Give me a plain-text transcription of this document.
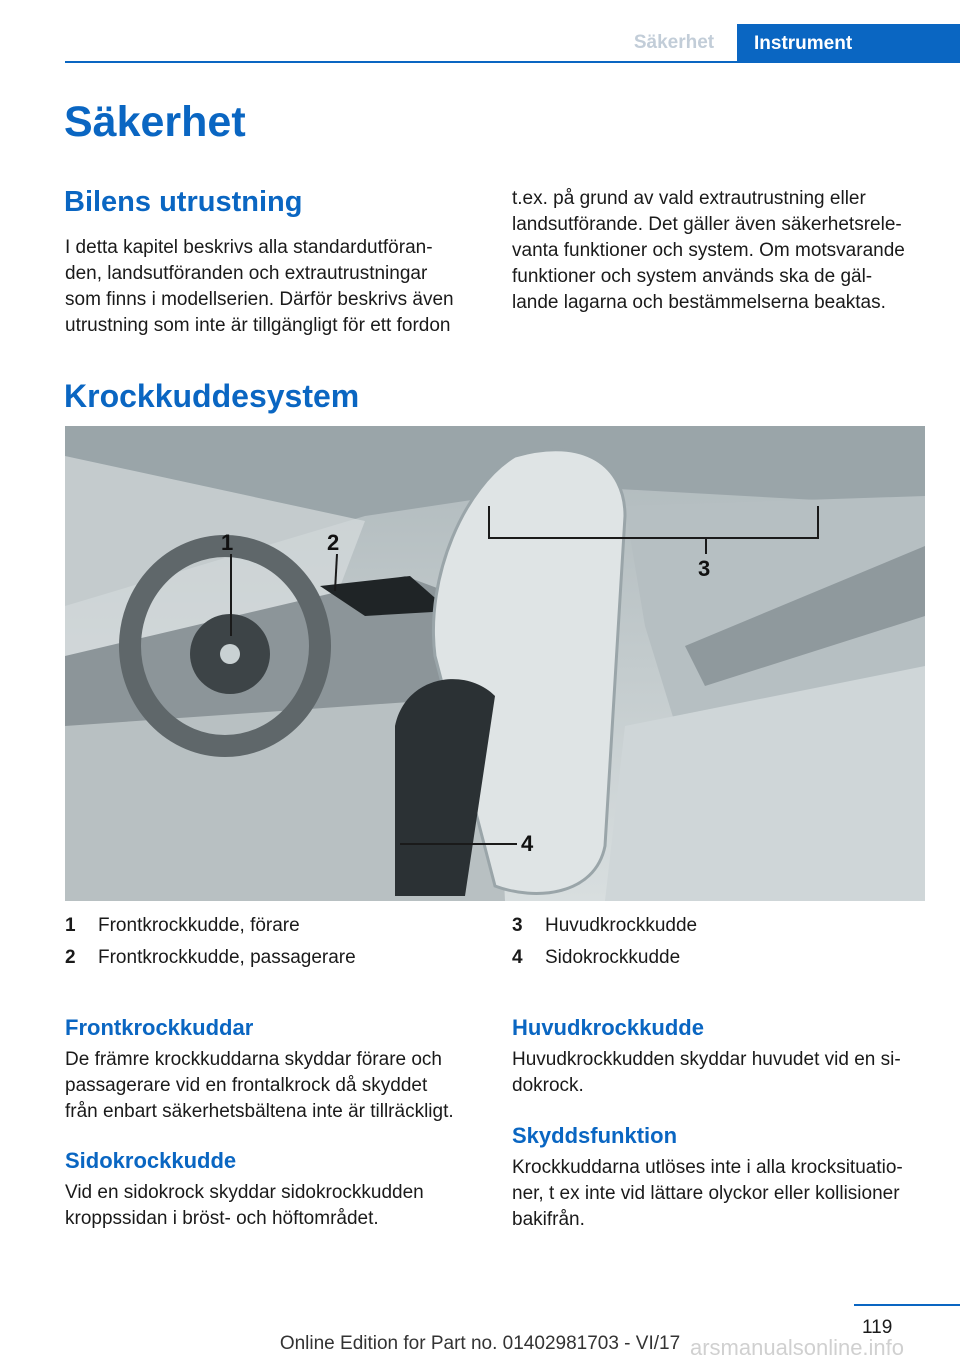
Säkerhet	Instrument
Säkerhet
Bilens utrustning

I detta kapitel beskrivs alla standardutföran-
den, landsutföranden och extrautrustningar
som finns i modellserien. Därför beskrivs även
utrustning som inte är tillgängligt för ett fordon

t.ex. på grund av vald extrautrustning eller
landsutförande. Det gäller även säkerhetsrele-
vanta funktioner och system. Om motsvarande
funktioner och system används ska de gäl-
lande lagarna och bestämmelserna beaktas.

Krockkuddesystem
1	2
3
4
1	Frontkrockkudde, förare
2	Frontkrockkudde, passagerare
3	Huvudkrockkudde
4	Sidokrockkudde
Frontkrockkuddar

De främre krockkuddarna skyddar förare och
passagerare vid en frontalkrock då skyddet
från enbart säkerhetsbältena inte är tillräckligt.

Sidokrockkudde

Vid en sidokrock skyddar sidokrockkudden
kroppssidan i bröst- och höftområdet.

Huvudkrockkudde

Huvudkrockkudden skyddar huvudet vid en si-
dokrock.

Skyddsfunktion

Krockkuddarna utlöses inte i alla krocksituatio-
ner, t ex inte vid lättare olyckor eller kollisioner
bakifrån.

119
Online Edition for Part no. 01402981703 - VI/17 arsmanualsonline.info
